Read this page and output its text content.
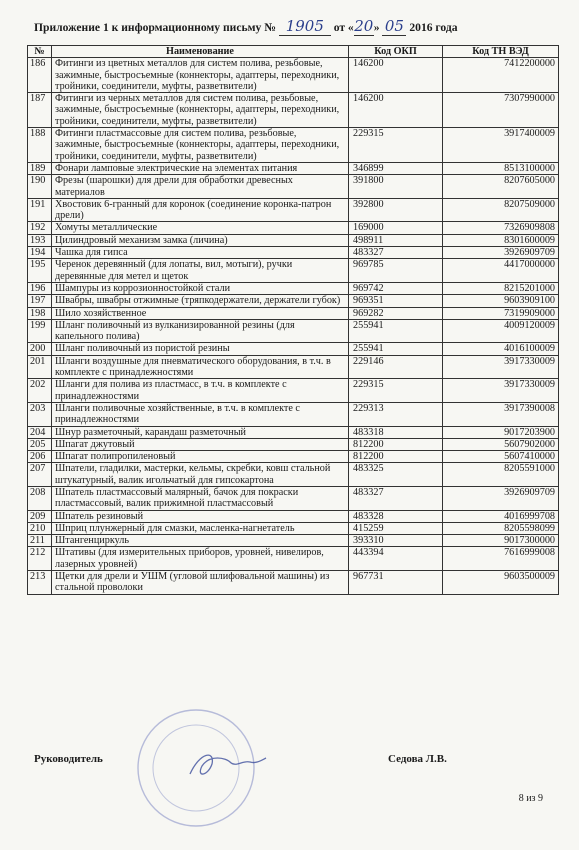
Приложение 1 к информационному письму № 1905 от «20» 05 2016 года
№	Наименование	Код ОКП	Код ТН ВЭД
186	Фитинги из цветных металлов для систем полива, резьбовые, зажимные, быстросъемные (коннекторы, адаптеры, переходники, тройники, соединители, муфты, разветвители)	146200	7412200000
187	Фитинги из черных металлов для систем полива, резьбовые, зажимные, быстросъемные (коннекторы, адаптеры, переходники, тройники, соединители, муфты, разветвители)	146200	7307990000
188	Фитинги пластмассовые для систем полива, резьбовые, зажимные, быстросъемные (коннекторы, адаптеры, переходники, тройники, соединители, муфты, разветвители)	229315	3917400009
189	Фонари ламповые электрические на элементах питания	346899	8513100000
190	Фрезы (шарошки) для дрели для обработки древесных материалов	391800	8207605000
191	Хвостовик 6-гранный для коронок (соединение коронка-патрон дрели)	392800	8207509000
192	Хомуты металлические	169000	7326909808
193	Цилиндровый механизм замка (личина)	498911	8301600009
194	Чашка для гипса	483327	3926909709
195	Черенок деревянный (для лопаты, вил, мотыги), ручки деревянные для метел и щеток	969785	4417000000
196	Шампуры из коррозионностойкой стали	969742	8215201000
197	Швабры, швабры отжимные (тряпкодержатели, держатели губок)	969351	9603909100
198	Шило хозяйственное	969282	7319909000
199	Шланг поливочный из вулканизированной резины (для капельного полива)	255941	4009120009
200	Шланг поливочный из пористой резины	255941	4016100009
201	Шланги воздушные для пневматического оборудования, в т.ч. в комплекте с принадлежностями	229146	3917330009
202	Шланги для полива из пластмасс, в т.ч. в комплекте с принадлежностями	229315	3917330009
203	Шланги поливочные хозяйственные, в т.ч. в комплекте с принадлежностями	229313	3917390008
204	Шнур разметочный, карандаш разметочный	483318	9017203900
205	Шпагат джутовый	812200	5607902000
206	Шпагат полипропиленовый	812200	5607410000
207	Шпатели, гладилки, мастерки, кельмы, скребки, ковш стальной штукатурный, валик игольчатый для гипсокартона	483325	8205591000
208	Шпатель пластмассовый малярный, бачок для покраски пластмассовый, валик прижимной пластмассовый	483327	3926909709
209	Шпатель резиновый	483328	4016999708
210	Шприц плунжерный для смазки, масленка-нагнетатель	415259	8205598099
211	Штангенциркуль	393310	9017300000
212	Штативы (для измерительных приборов, уровней, нивелиров, лазерных уровней)	443394	7616999008
213	Щетки для дрели и УШМ (угловой шлифовальной машины) из стальной проволоки	967731	9603500009
Руководитель	Седова Л.В.
8 из 9
